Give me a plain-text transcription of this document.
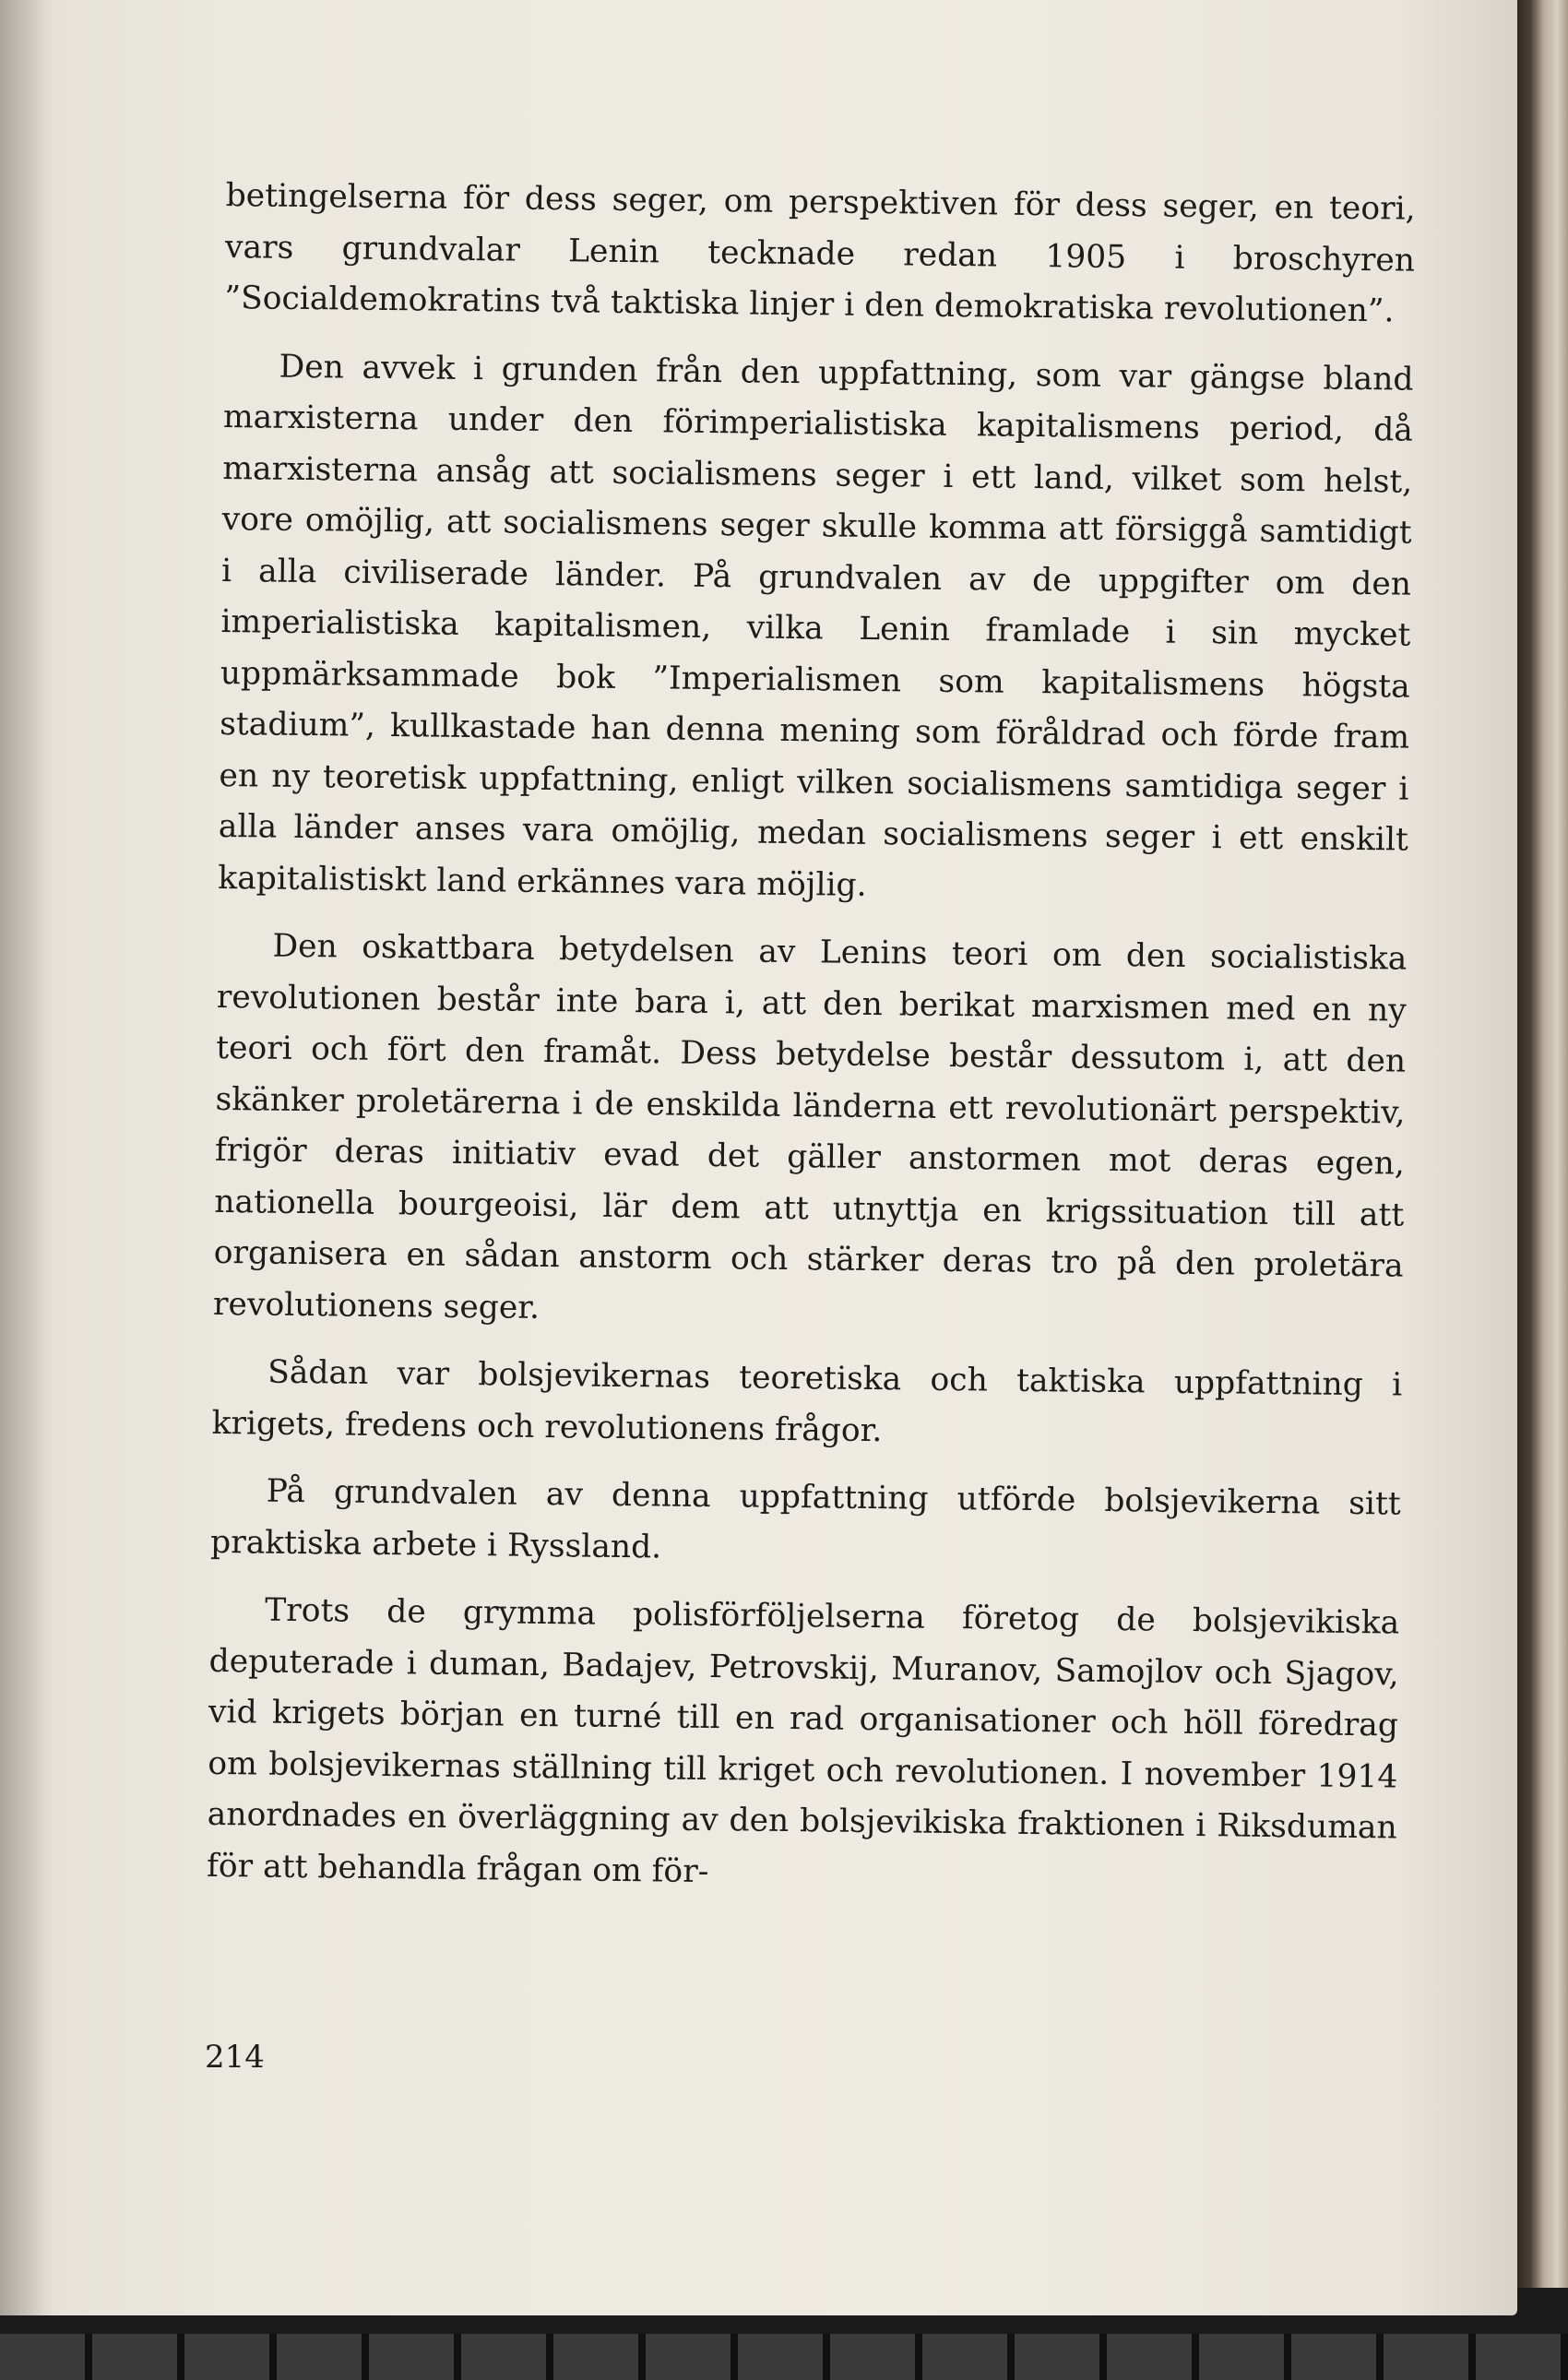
betingelserna för dess seger, om perspektiven för dess seger, en teori, vars grundvalar Lenin tecknade redan 1905 i broschyren ”Socialdemokratins två taktiska linjer i den demokratiska revolutionen”.

Den avvek i grunden från den uppfattning, som var gängse bland marxisterna under den förimperialistiska kapitalismens period, då marxisterna ansåg att socialismens seger i ett land, vilket som helst, vore omöjlig, att socialismens seger skulle komma att försiggå samtidigt i alla civiliserade länder. På grundvalen av de uppgifter om den imperialistiska kapitalismen, vilka Lenin framlade i sin mycket uppmärksammade bok ”Imperialismen som kapitalismens högsta stadium”, kullkastade han denna mening som föråldrad och förde fram en ny teoretisk uppfattning, enligt vilken socialismens samtidiga seger i alla länder anses vara omöjlig, medan socialismens seger i ett enskilt kapitalistiskt land erkännes vara möjlig.

Den oskattbara betydelsen av Lenins teori om den socialistiska revolutionen består inte bara i, att den berikat marxismen med en ny teori och fört den framåt. Dess betydelse består dessutom i, att den skänker proletärerna i de enskilda länderna ett revolutionärt perspektiv, frigör deras initiativ evad det gäller anstormen mot deras egen, nationella bourgeoisi, lär dem att utnyttja en krigssituation till att organisera en sådan anstorm och stärker deras tro på den proletära revolutionens seger.

Sådan var bolsjevikernas teoretiska och taktiska uppfattning i krigets, fredens och revolutionens frågor.

På grundvalen av denna uppfattning utförde bolsjevikerna sitt praktiska arbete i Ryssland.

Trots de grymma polisförföljelserna företog de bolsjevikiska deputerade i duman, Badajev, Petrovskij, Muranov, Samojlov och Sjagov, vid krigets början en turné till en rad organisationer och höll föredrag om bolsjevikernas ställning till kriget och revolutionen. I november 1914 anordnades en överläggning av den bolsjevikiska fraktionen i Riksduman för att behandla frågan om för-

214
